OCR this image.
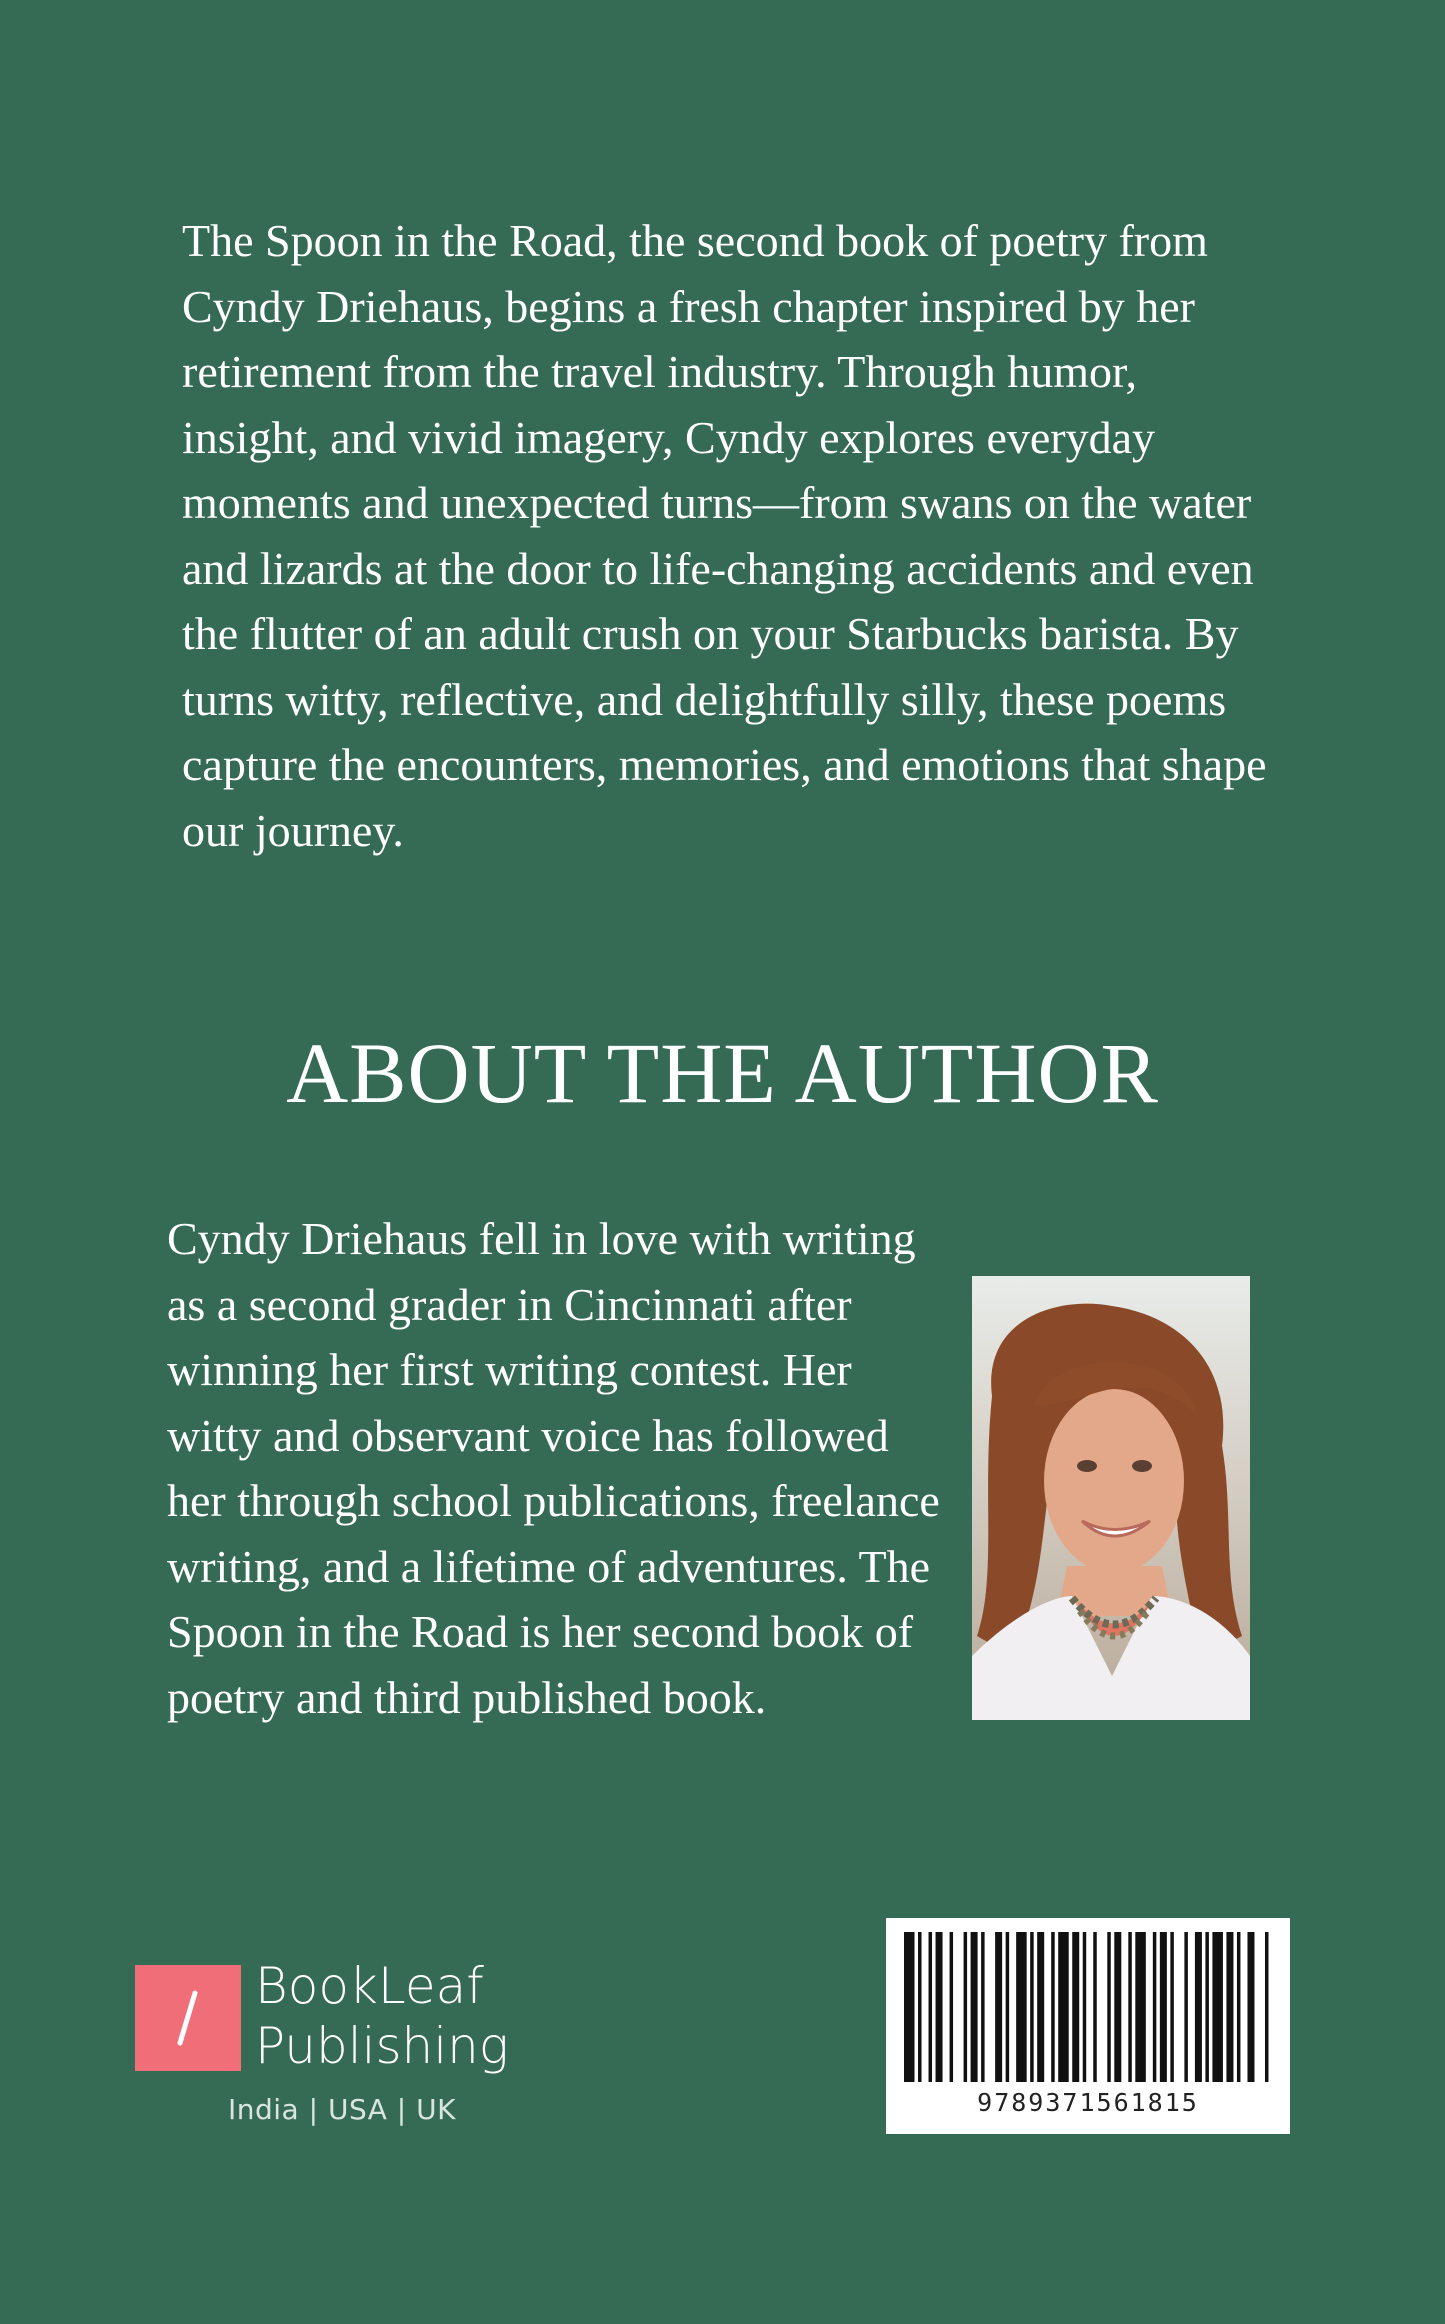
The Spoon in the Road, the second book of poetry from Cyndy Driehaus, begins a fresh chapter inspired by her retirement from the travel industry. Through humor, insight, and vivid imagery, Cyndy explores everyday moments and unexpected turns—from swans on the water and lizards at the door to life-changing accidents and even the flutter of an adult crush on your Starbucks barista. By turns witty, reflective, and delightfully silly, these poems capture the encounters, memories, and emotions that shape our journey.

ABOUT THE AUTHOR

Cyndy Driehaus fell in love with writing as a second grader in Cincinnati after winning her first writing contest. Her witty and observant voice has followed her through school publications, freelance writing, and a lifetime of adventures. The Spoon in the Road is her second book of poetry and third published book.

BookLeaf
Publishing
India | USA | UK	9789371561815
